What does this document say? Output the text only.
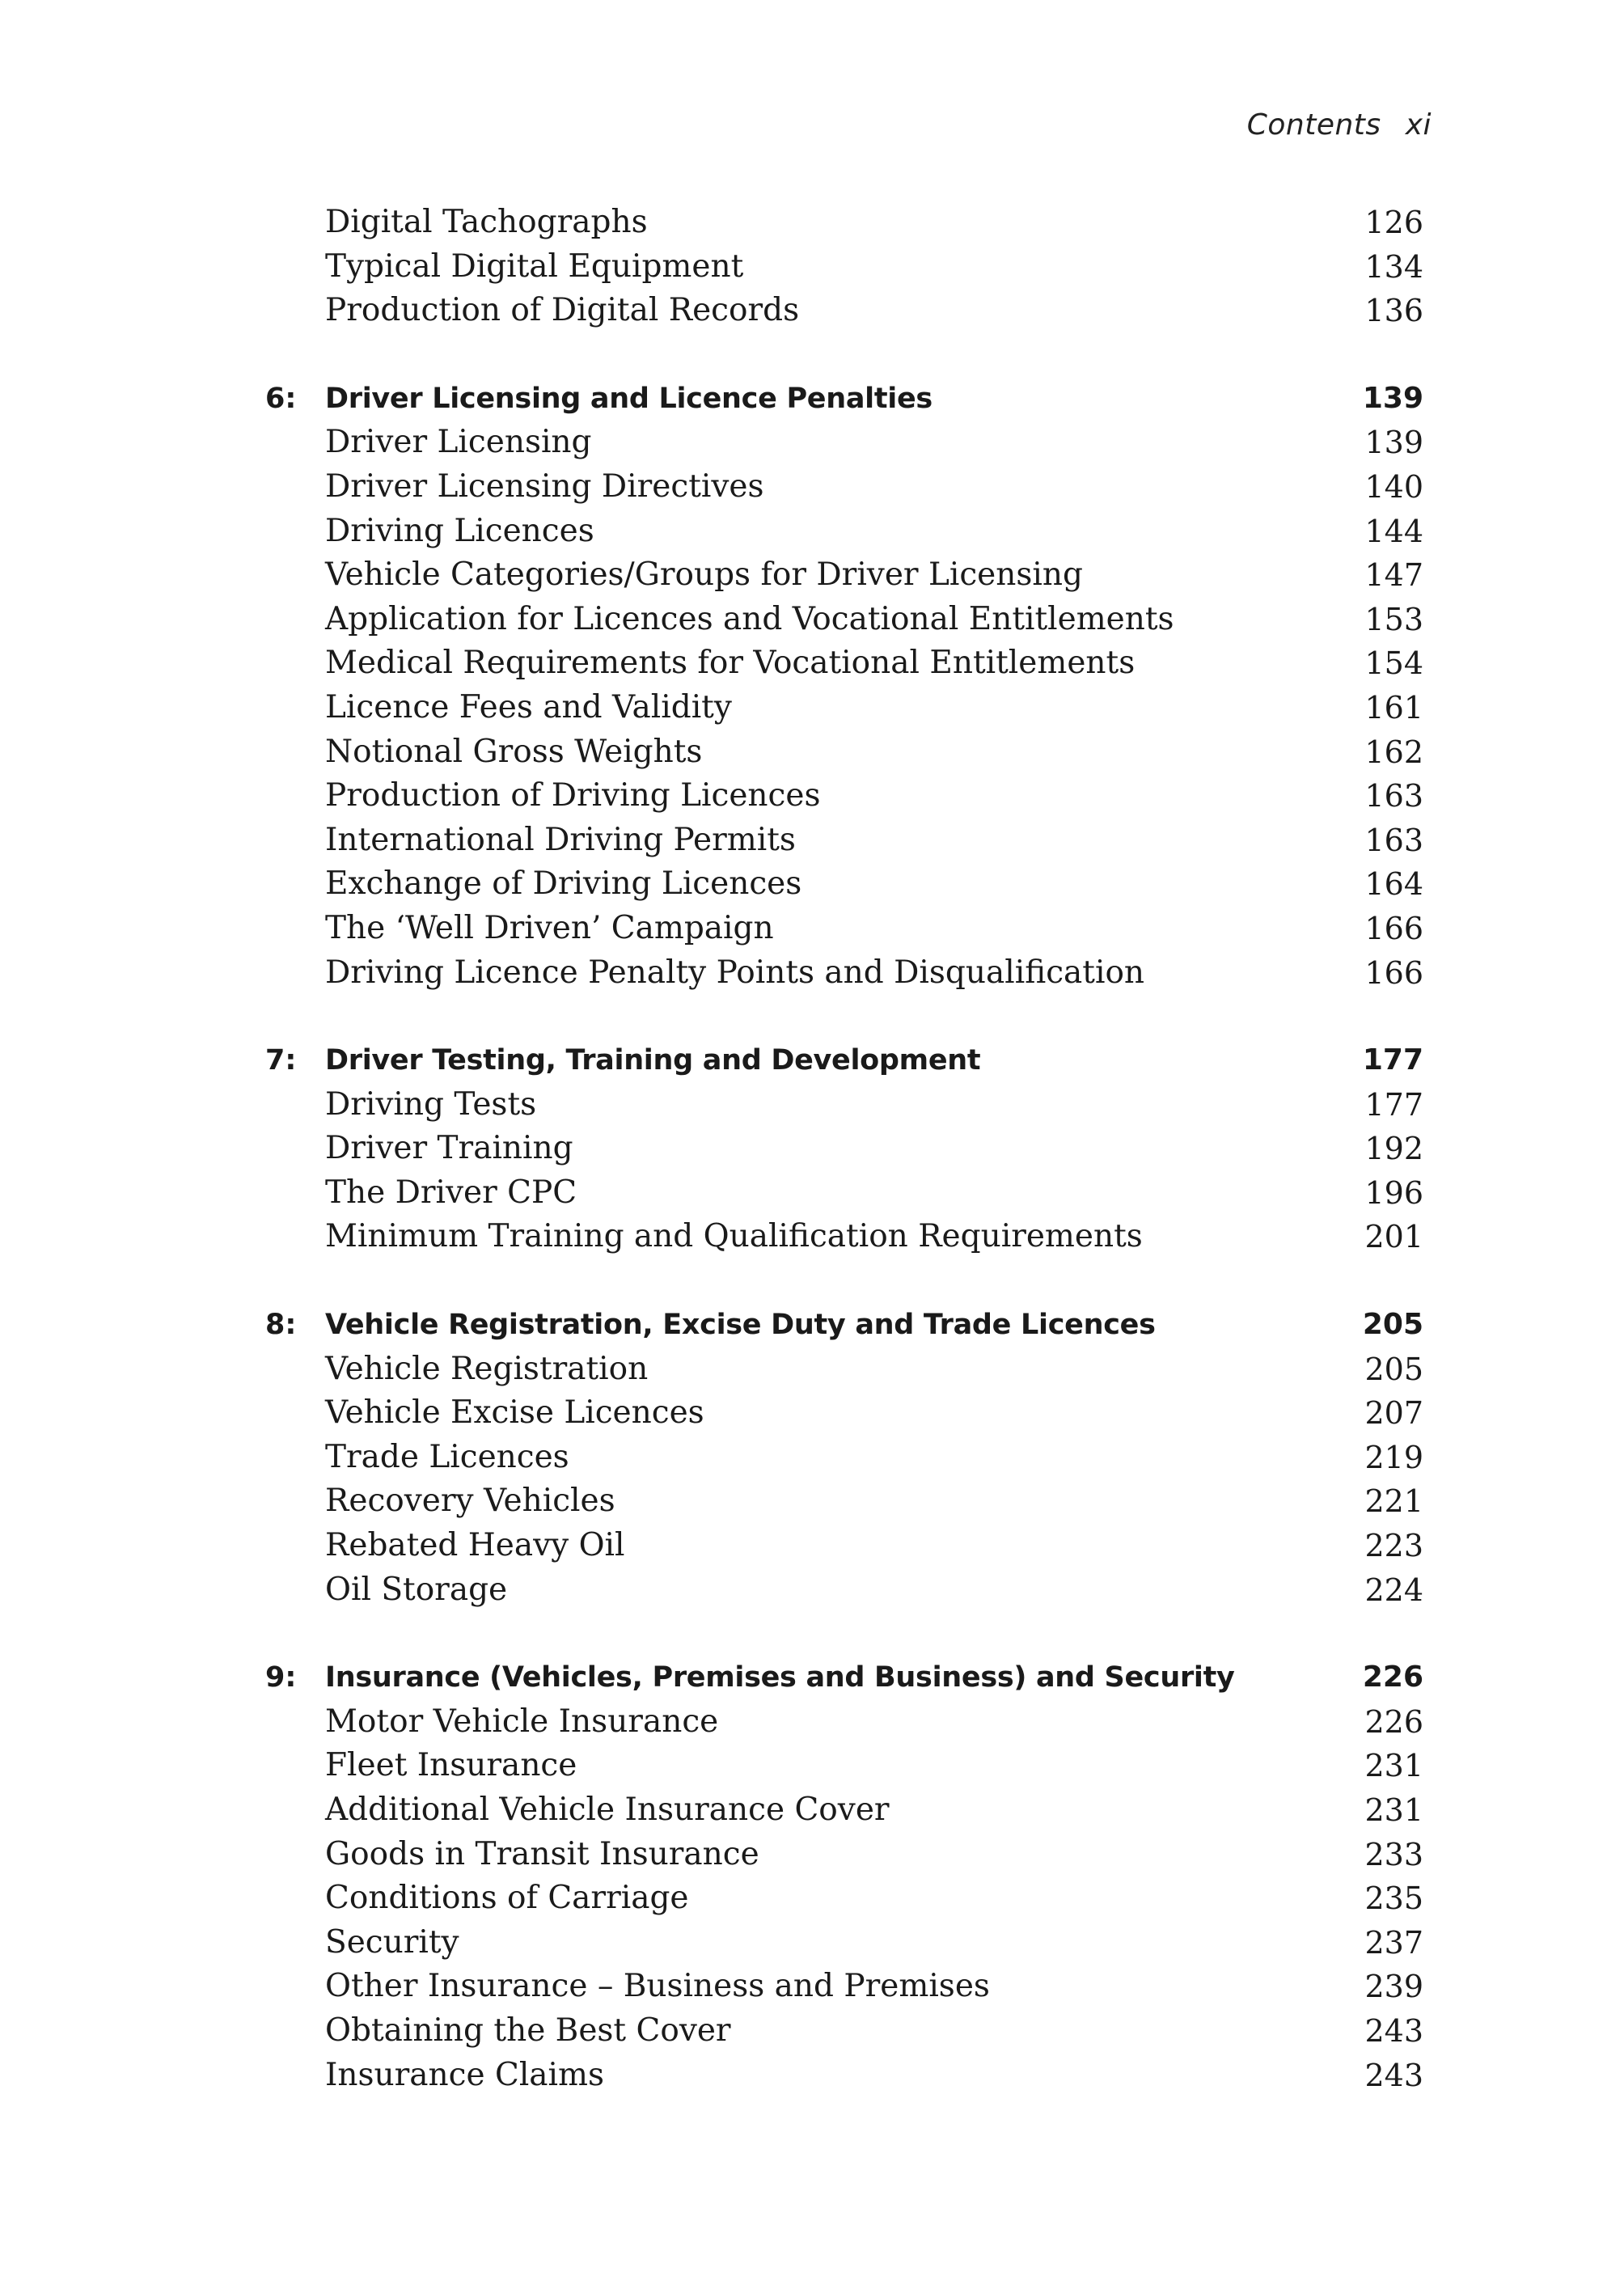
Contents xi
Digital Tachographs	126
Typical Digital Equipment	134
Production of Digital Records	136
6: Driver Licensing and Licence Penalties	139
Driver Licensing	139
Driver Licensing Directives	140
Driving Licences	144
Vehicle Categories/Groups for Driver Licensing	147
Application for Licences and Vocational Entitlements	153
Medical Requirements for Vocational Entitlements	154
Licence Fees and Validity	161
Notional Gross Weights	162
Production of Driving Licences	163
International Driving Permits	163
Exchange of Driving Licences	164
The ‘Well Driven’ Campaign	166
Driving Licence Penalty Points and Disqualification	166
7: Driver Testing, Training and Development	177
Driving Tests	177
Driver Training	192
The Driver CPC	196
Minimum Training and Qualification Requirements	201
8: Vehicle Registration, Excise Duty and Trade Licences	205
Vehicle Registration	205
Vehicle Excise Licences	207
Trade Licences	219
Recovery Vehicles	221
Rebated Heavy Oil	223
Oil Storage	224
9: Insurance (Vehicles, Premises and Business) and Security	226
Motor Vehicle Insurance	226
Fleet Insurance	231
Additional Vehicle Insurance Cover	231
Goods in Transit Insurance	233
Conditions of Carriage	235
Security	237
Other Insurance – Business and Premises	239
Obtaining the Best Cover	243
Insurance Claims	243
